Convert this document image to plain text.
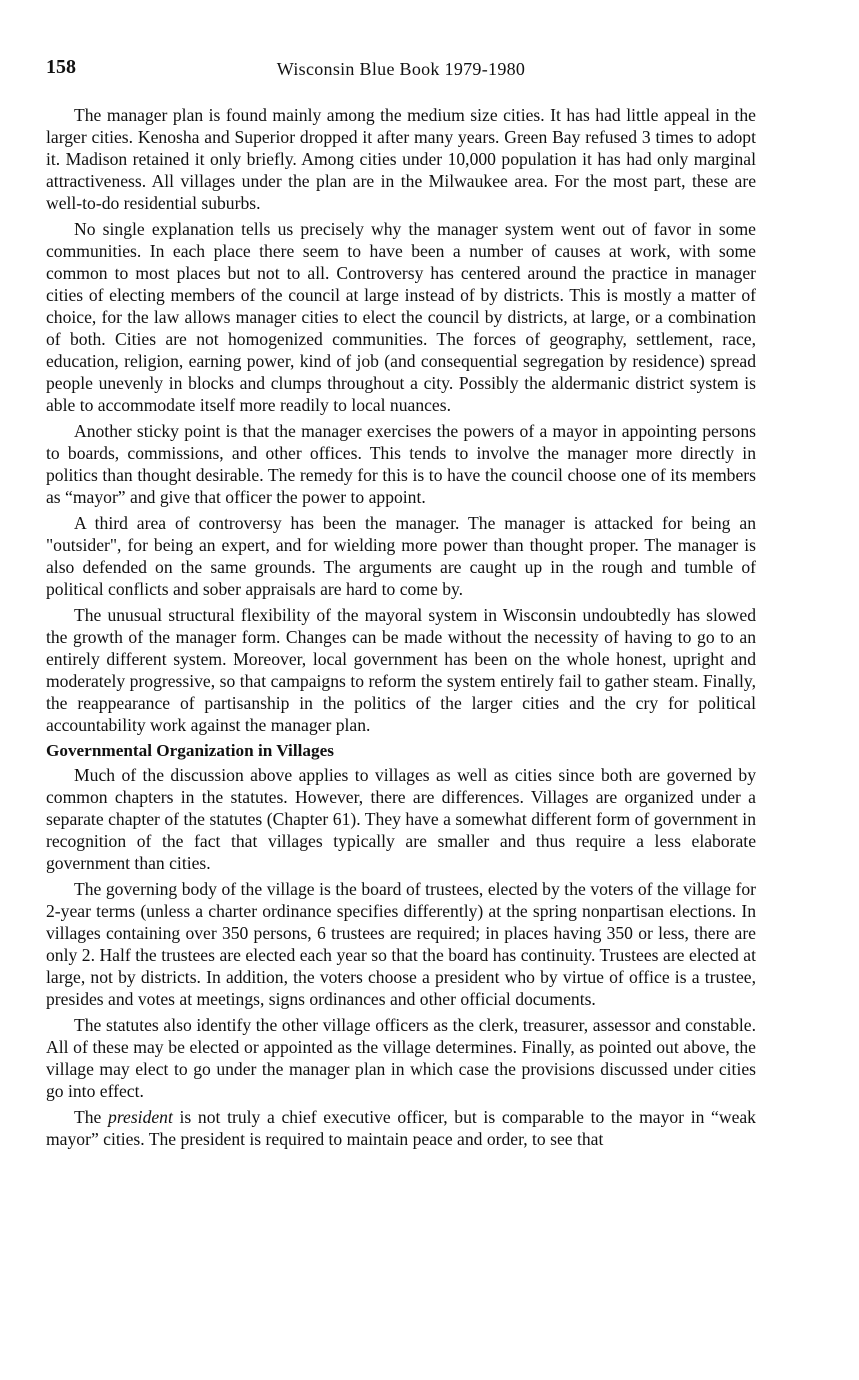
158	Wisconsin Blue Book 1979-1980

The manager plan is found mainly among the medium size cities. It has had little appeal in the larger cities. Kenosha and Superior dropped it after many years. Green Bay refused 3 times to adopt it. Madison retained it only briefly. Among cities under 10,000 population it has had only marginal attractiveness. All villages under the plan are in the Milwaukee area. For the most part, these are well-to-do residential suburbs.

No single explanation tells us precisely why the manager system went out of favor in some communities. In each place there seem to have been a number of causes at work, with some common to most places but not to all. Controversy has centered around the practice in manager cities of electing members of the council at large instead of by districts. This is mostly a matter of choice, for the law allows manager cities to elect the council by districts, at large, or a combination of both. Cities are not homogenized communities. The forces of geography, settlement, race, education, religion, earning power, kind of job (and consequential segregation by residence) spread people unevenly in blocks and clumps throughout a city. Possibly the aldermanic district system is able to accommodate itself more readily to local nuances.

Another sticky point is that the manager exercises the powers of a mayor in appointing persons to boards, commissions, and other offices. This tends to involve the manager more directly in politics than thought desirable. The remedy for this is to have the council choose one of its members as “mayor” and give that officer the power to appoint.

A third area of controversy has been the manager. The manager is attacked for being an "outsider", for being an expert, and for wielding more power than thought proper. The manager is also defended on the same grounds. The arguments are caught up in the rough and tumble of political conflicts and sober appraisals are hard to come by.

The unusual structural flexibility of the mayoral system in Wisconsin undoubtedly has slowed the growth of the manager form. Changes can be made without the necessity of having to go to an entirely different system. Moreover, local government has been on the whole honest, upright and moderately progressive, so that campaigns to reform the system entirely fail to gather steam. Finally, the reappearance of partisanship in the politics of the larger cities and the cry for political accountability work against the manager plan.

Governmental Organization in Villages

Much of the discussion above applies to villages as well as cities since both are governed by common chapters in the statutes. However, there are differences. Villages are organized under a separate chapter of the statutes (Chapter 61). They have a somewhat different form of government in recognition of the fact that villages typically are smaller and thus require a less elaborate government than cities.

The governing body of the village is the board of trustees, elected by the voters of the village for 2-year terms (unless a charter ordinance specifies differently) at the spring nonpartisan elections. In villages containing over 350 persons, 6 trustees are required; in places having 350 or less, there are only 2. Half the trustees are elected each year so that the board has continuity. Trustees are elected at large, not by districts. In addition, the voters choose a president who by virtue of office is a trustee, presides and votes at meetings, signs ordinances and other official documents.

The statutes also identify the other village officers as the clerk, treasurer, assessor and constable. All of these may be elected or appointed as the village determines. Finally, as pointed out above, the village may elect to go under the manager plan in which case the provisions discussed under cities go into effect.

The president is not truly a chief executive officer, but is comparable to the mayor in “weak mayor” cities. The president is required to maintain peace and order, to see that
